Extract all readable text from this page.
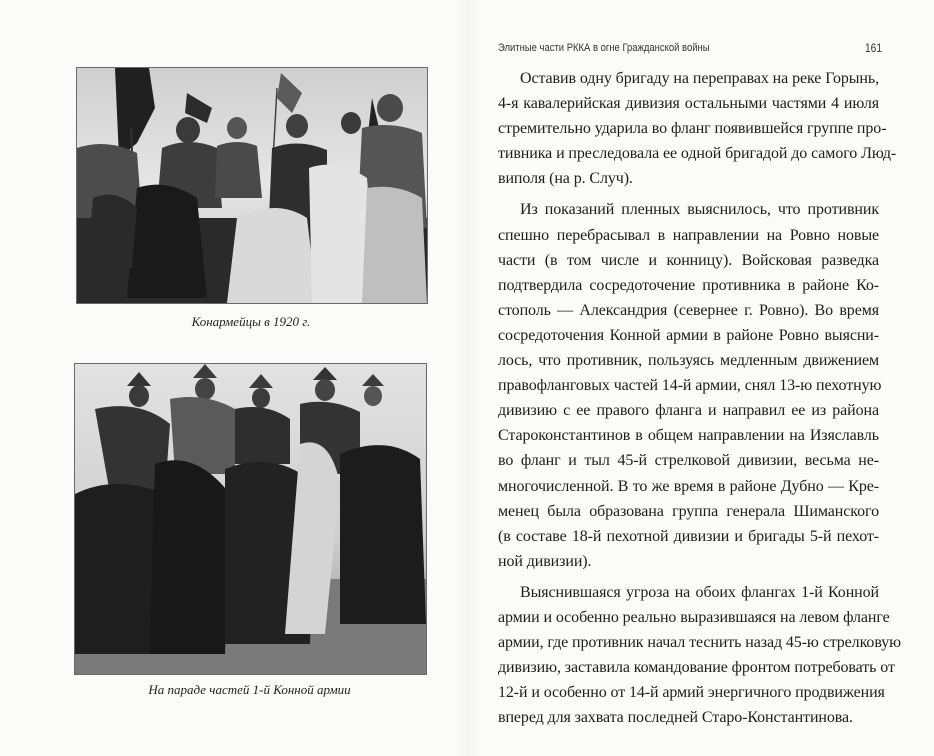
Конармейцы в 1920 г.
На параде частей 1-й Конной армии
Элитные части РККА в огне Гражданской войны	161
Оставив одну бригаду на переправах на реке Горынь,
4-я кавалерийская дивизия остальными частями 4 июля
стремительно ударила во фланг появившейся группе про-
тивника и преследовала ее одной бригадой до самого Люд-
виполя (на р. Случ).
Из показаний пленных выяснилось, что противник
спешно перебрасывал в направлении на Ровно новые
части (в том числе и конницу). Войсковая разведка
подтвердила сосредоточение противника в районе Ко-
стополь — Александрия (севернее г. Ровно). Во время
сосредоточения Конной армии в районе Ровно выясни-
лось, что противник, пользуясь медленным движением
правофланговых частей 14-й армии, снял 13-ю пехотную
дивизию с ее правого фланга и направил ее из района
Староконстантинов в общем направлении на Изяславль
во фланг и тыл 45-й стрелковой дивизии, весьма не-
многочисленной. В то же время в районе Дубно — Кре-
менец была образована группа генерала Шиманского
(в составе 18-й пехотной дивизии и бригады 5-й пехот-
ной дивизии).
Выяснившаяся угроза на обоих флангах 1-й Конной
армии и особенно реально выразившаяся на левом фланге
армии, где противник начал теснить назад 45-ю стрелковую
дивизию, заставила командование фронтом потребовать от
12-й и особенно от 14-й армий энергичного продвижения
вперед для захвата последней Старо-Константинова.
